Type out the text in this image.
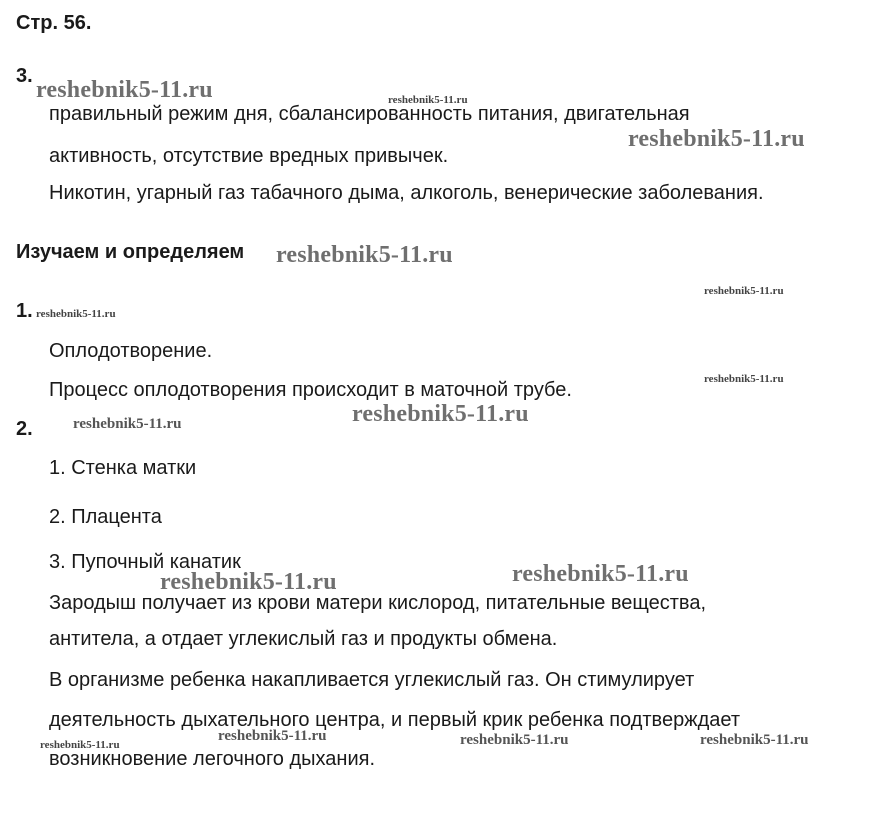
Стр. 56.
3.
правильный режим дня, сбалансированность питания, двигательная
активность, отсутствие вредных привычек.
Никотин, угарный газ табачного дыма, алкоголь, венерические заболевания.
Изучаем и определяем
1.
Оплодотворение.
Процесс оплодотворения происходит в маточной трубе.
2.
1. Стенка матки
2. Плацента
3. Пупочный канатик
Зародыш получает из крови матери кислород, питательные вещества,
антитела, а отдает углекислый газ и продукты обмена.
В организме ребенка накапливается углекислый газ. Он стимулирует
деятельность дыхательного центра, и первый крик ребенка подтверждает
возникновение легочного дыхания.
reshebnik5-11.ru	reshebnik5-11.ru
reshebnik5-11.ru
reshebnik5-11.ru
reshebnik5-11.ru
reshebnik5-11.ru
reshebnik5-11.ru
reshebnik5-11.ru
reshebnik5-11.ru
reshebnik5-11.ru
reshebnik5-11.ru
reshebnik5-11.ru	reshebnik5-11.ru	reshebnik5-11.ru
reshebnik5-11.ru
